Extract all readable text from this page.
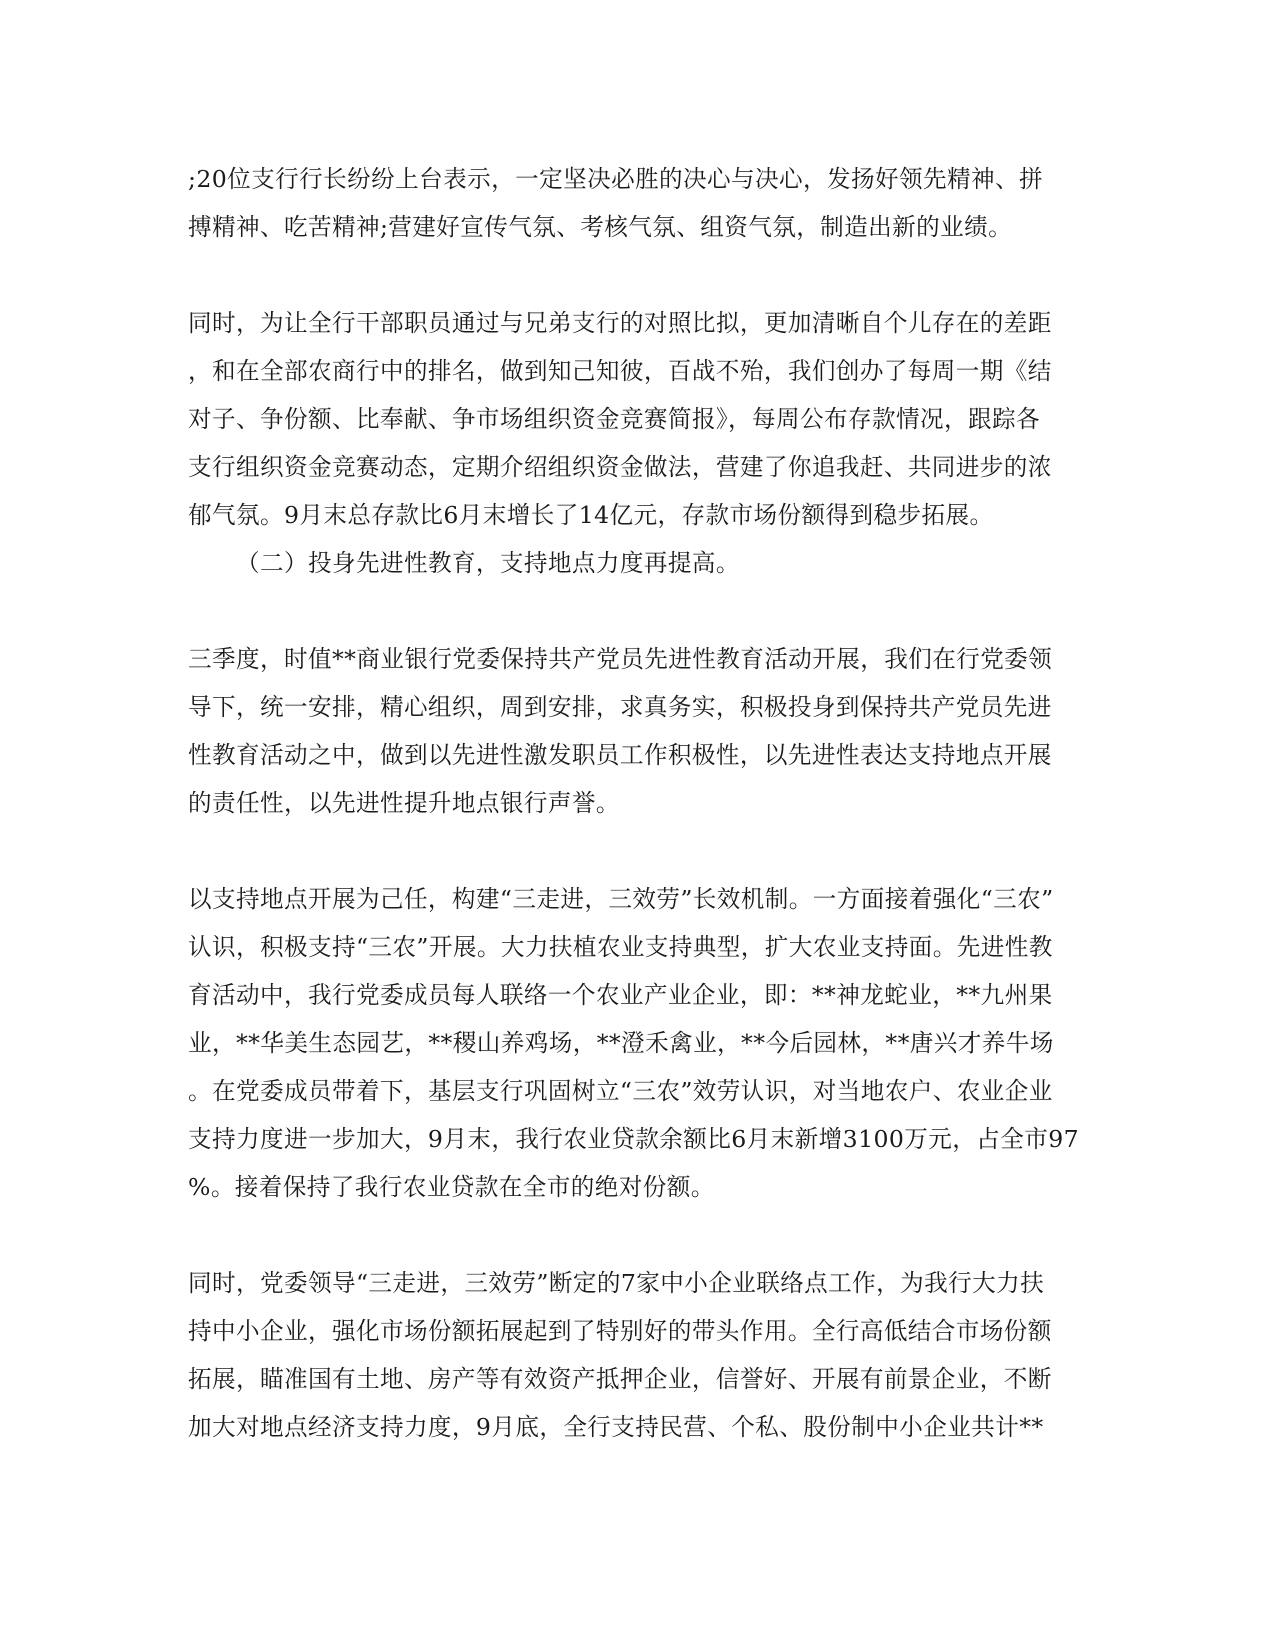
;20位支行行长纷纷上台表示，一定坚决必胜的决心与决心，发扬好领先精神、拼
搏精神、吃苦精神;营建好宣传气氛、考核气氛、组资气氛，制造出新的业绩。

同时，为让全行干部职员通过与兄弟支行的对照比拟，更加清晰自个儿存在的差距
，和在全部农商行中的排名，做到知己知彼，百战不殆，我们创办了每周一期《结
对子、争份额、比奉献、争市场组织资金竞赛简报》，每周公布存款情况，跟踪各
支行组织资金竞赛动态，定期介绍组织资金做法，营建了你追我赶、共同进步的浓
郁气氛。9月末总存款比6月末增长了14亿元，存款市场份额得到稳步拓展。

（二）投身先进性教育，支持地点力度再提高。

三季度，时值**商业银行党委保持共产党员先进性教育活动开展，我们在行党委领
导下，统一安排，精心组织，周到安排，求真务实，积极投身到保持共产党员先进
性教育活动之中，做到以先进性激发职员工作积极性，以先进性表达支持地点开展
的责任性，以先进性提升地点银行声誉。

以支持地点开展为己任，构建“三走进，三效劳”长效机制。一方面接着强化“三农”
认识，积极支持“三农”开展。大力扶植农业支持典型，扩大农业支持面。先进性教
育活动中，我行党委成员每人联络一个农业产业企业，即：**神龙蛇业，**九州果
业，**华美生态园艺，**稷山养鸡场，**澄禾禽业，**今后园林，**唐兴才养牛场
。在党委成员带着下，基层支行巩固树立“三农”效劳认识，对当地农户、农业企业
支持力度进一步加大，9月末，我行农业贷款余额比6月末新增3100万元，占全市97
%。接着保持了我行农业贷款在全市的绝对份额。

同时，党委领导“三走进，三效劳”断定的7家中小企业联络点工作，为我行大力扶
持中小企业，强化市场份额拓展起到了特别好的带头作用。全行高低结合市场份额
拓展，瞄准国有土地、房产等有效资产抵押企业，信誉好、开展有前景企业，不断
加大对地点经济支持力度，9月底，全行支持民营、个私、股份制中小企业共计**
